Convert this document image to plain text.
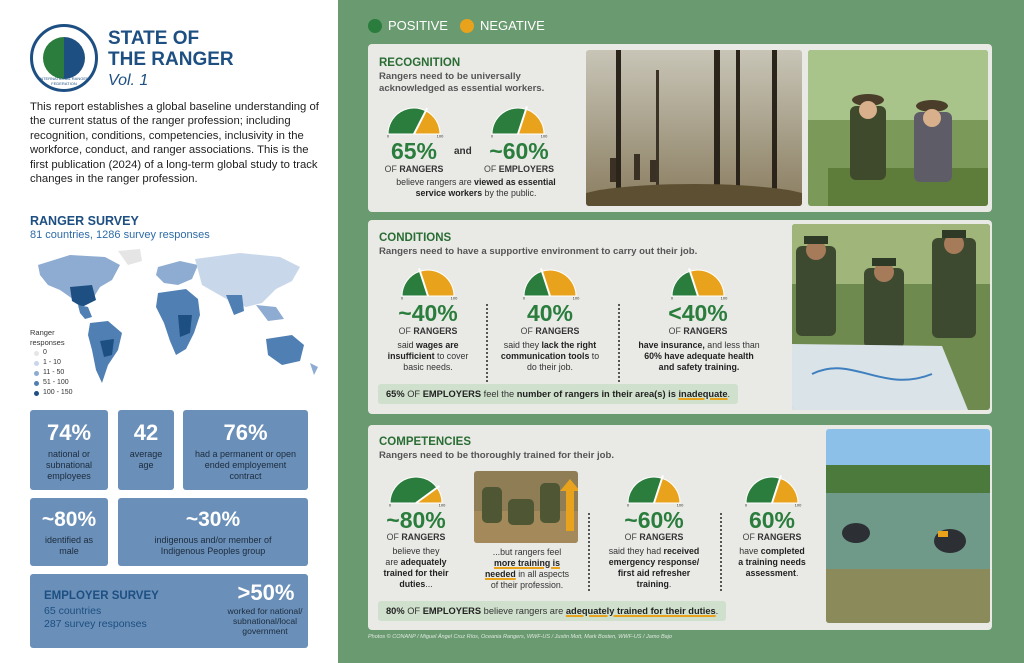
IRF
INTERNATIONAL RANGER FEDERATION
STATE OF
THE RANGER
Vol. 1

This report establishes a global baseline understanding of the current status of the ranger profession; including recognition, conditions, competencies, inclusivity in the workforce, conduct, and ranger associations. This is the first publication (2024) of a long-term global study to track changes in the ranger profession.

RANGER SURVEY
81 countries, 1286 survey responses
Ranger
responses
0
1 - 10
11 - 50
51 - 100
100 - 150
74%
national or subnational employees
42
average age
76%
had a permanent or open ended employement contract
~80%
identified as male
~30%
indigenous and/or member of Indigenous Peoples group
EMPLOYER SURVEY
65 countries
287 survey responses
>50%
worked for national/ subnational/local government
POSITIVE NEGATIVE
RECOGNITION
Rangers need to be universally
acknowledged as essential workers.
0	100
65%
OF RANGERS
and
0	100
~60%
OF EMPLOYERS
believe rangers are viewed as essential
service workers by the public.
CONDITIONS
Rangers need to have a supportive environment to carry out their job.
0	100
~40%
OF RANGERS
said wages are
insufficient to cover
basic needs.
0	100
40%
OF RANGERS
said they lack the right
communication tools to
do their job.
0	100
<40%
OF RANGERS
have insurance, and less than
60% have adequate health
and safety training.
65% OF EMPLOYERS feel the number of rangers in their area(s) is inadequate.
COMPETENCIES
Rangers need to be thoroughly trained for their job.
0	100
~80%
OF RANGERS
believe they
are adequately
trained for their
duties...
...but rangers feel
more training is
needed in all aspects
of their profession.
0	100
~60%
OF RANGERS
said they had received
emergency response/
first aid refresher
training.
0	100
60%
OF RANGERS
have completed
a training needs
assessment.
80% OF EMPLOYERS believe rangers are adequately trained for their duties.
Photos © CONANP / Miguel Ángel Cruz Ríos, Oceania Rangers, WWF-US / Justin Mott, Mark Bosten, WWF-US / Jamo Bajo
